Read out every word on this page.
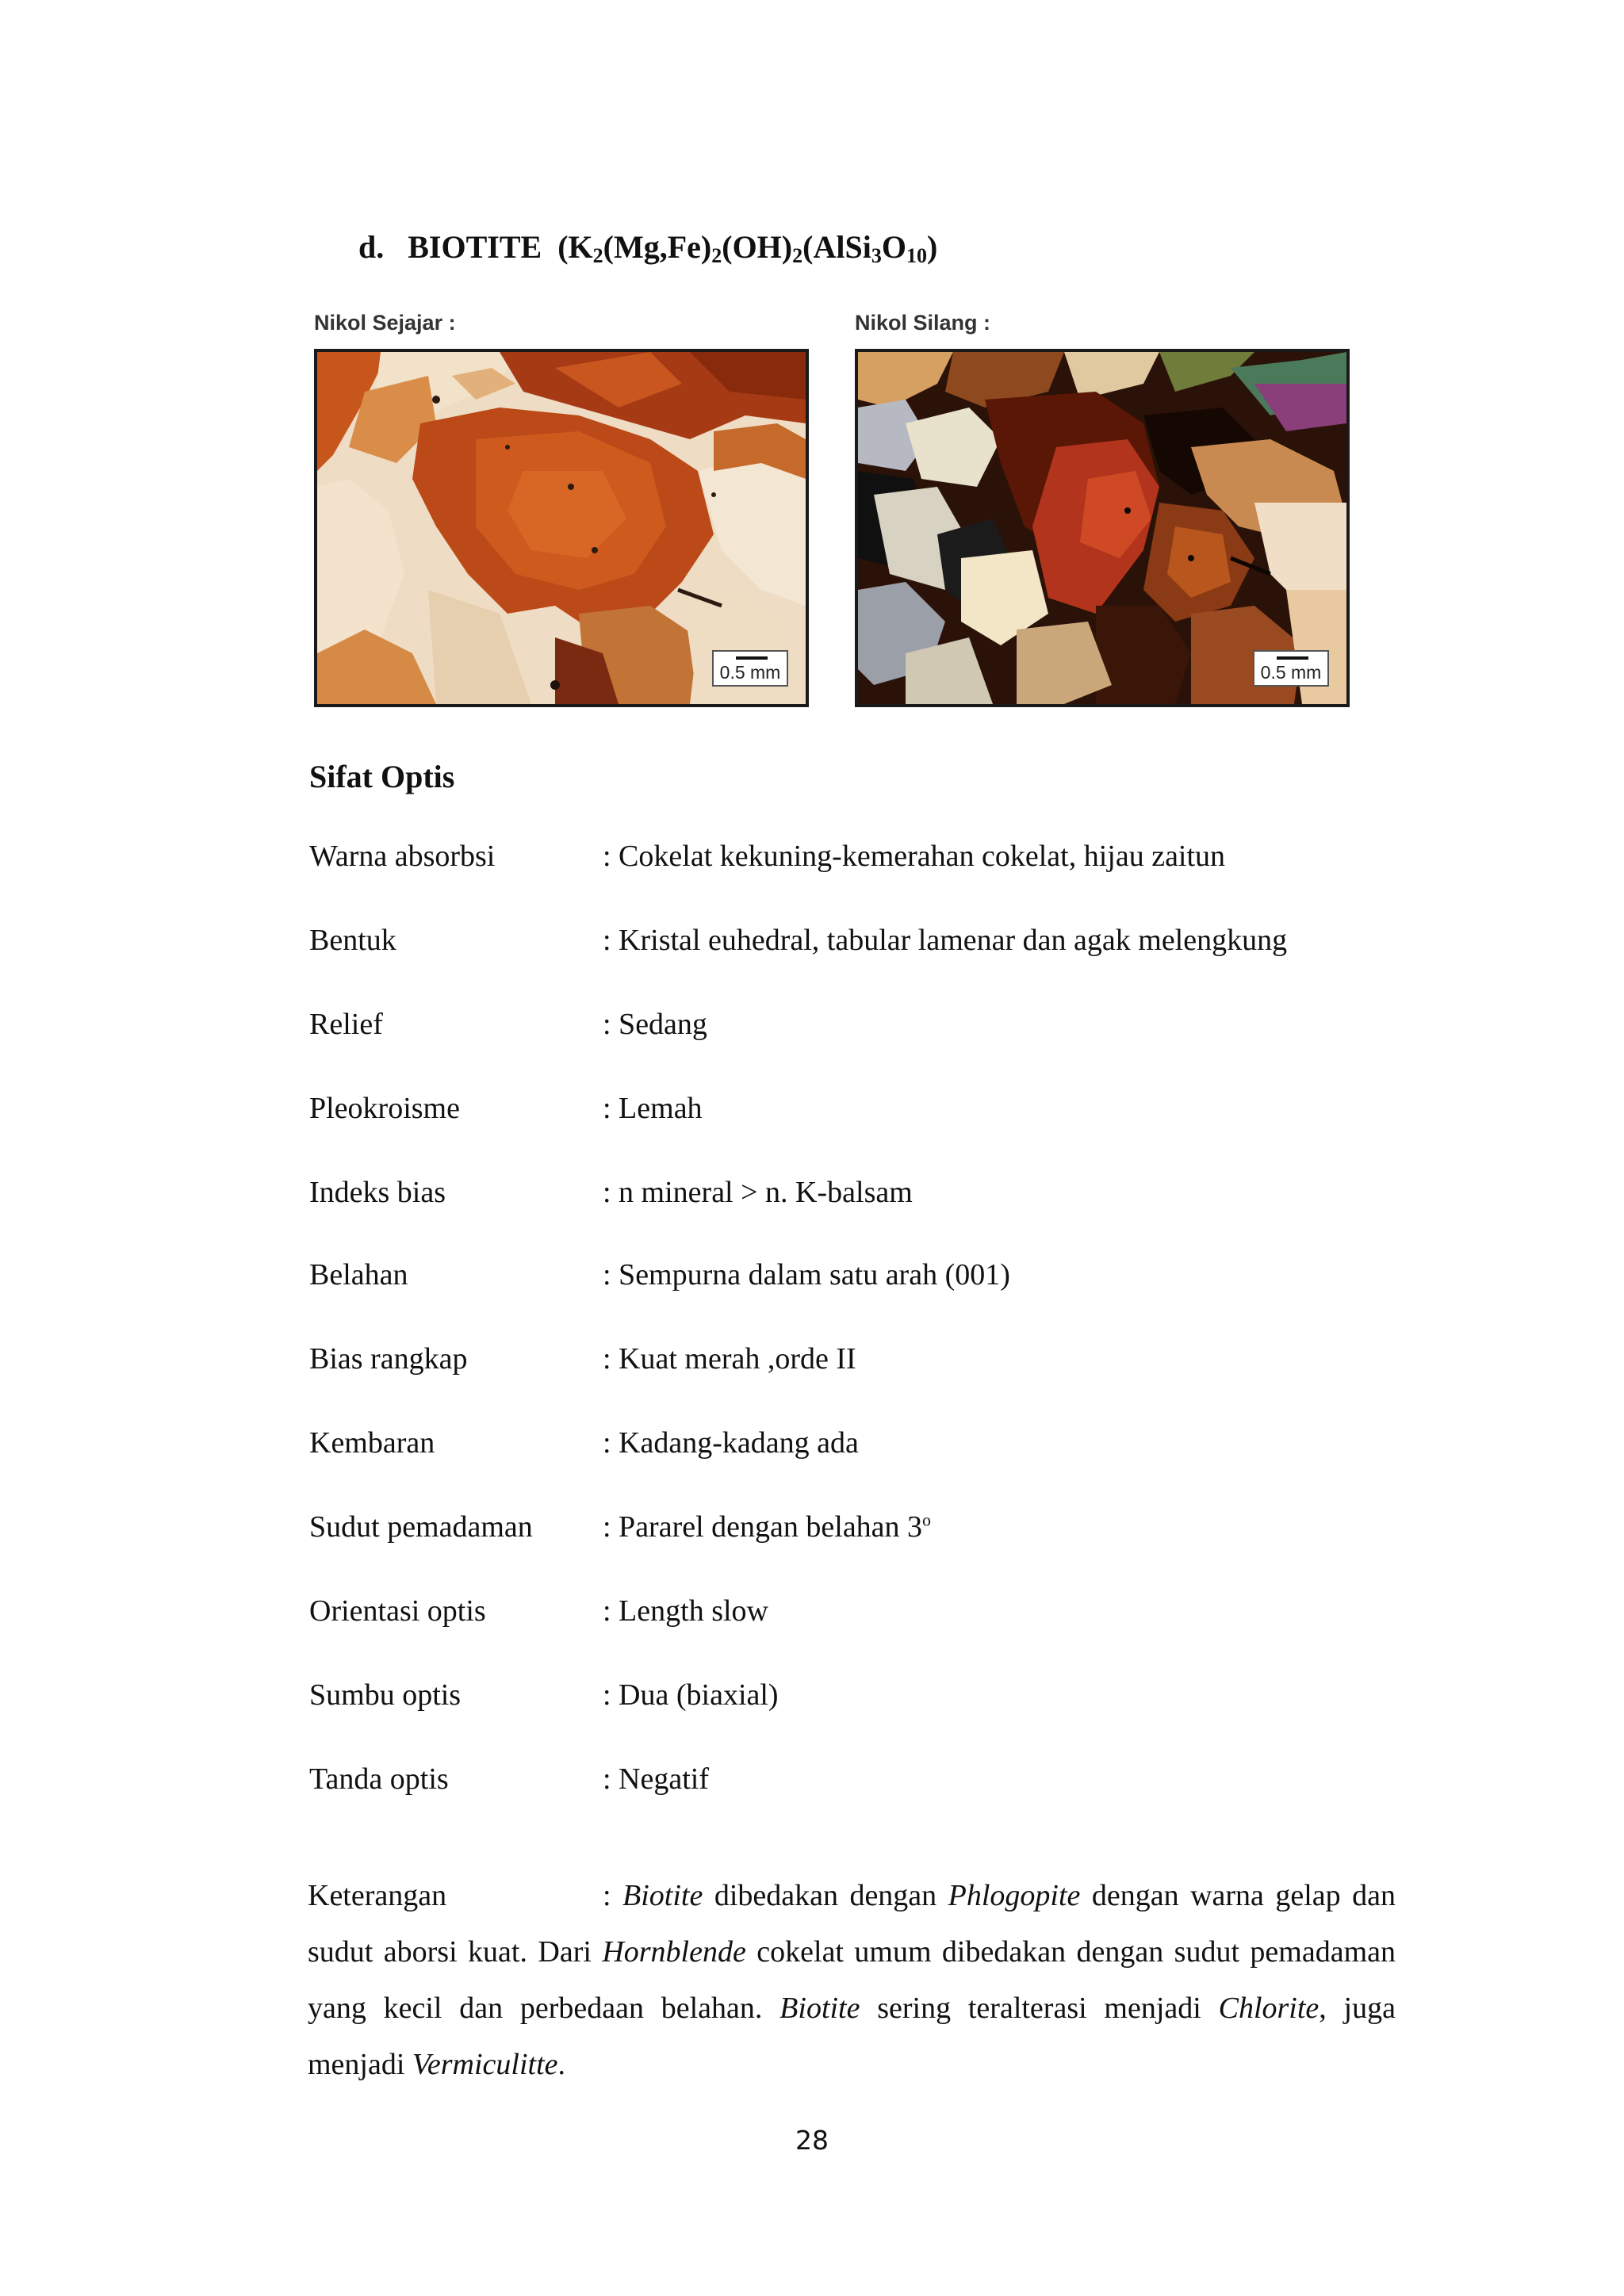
d. BIOTITE ($K_2(Mg,Fe)_2(OH)_2(AlSi_3O_{10})$
Nikol Sejajar :
0.5 mm
Nikol Silang :
0.5 mm
Sifat Optis
Warna absorbsi	: Cokelat kekuning-kemerahan cokelat, hijau zaitun
Bentuk	: Kristal euhedral, tabular lamenar dan agak melengkung
Relief	: Sedang
Pleokroisme	: Lemah
Indeks bias	: n mineral > n. K-balsam
Belahan	: Sempurna dalam satu arah (001)
Bias rangkap	: Kuat merah ,orde II
Kembaran	: Kadang-kadang ada
Sudut pemadaman : Pararel dengan belahan 3$^o$
Orientasi optis	: Length slow
Sumbu optis	: Dua (biaxial)
Tanda optis	: Negatif

Keterangan	: Biotite dibedakan dengan Phlogopite dengan warna gelap dan sudut aborsi kuat. Dari Hornblende cokelat umum dibedakan dengan sudut pemadaman yang kecil dan perbedaan belahan. Biotite sering teralterasi menjadi Chlorite, juga menjadi Vermiculitte.

28
